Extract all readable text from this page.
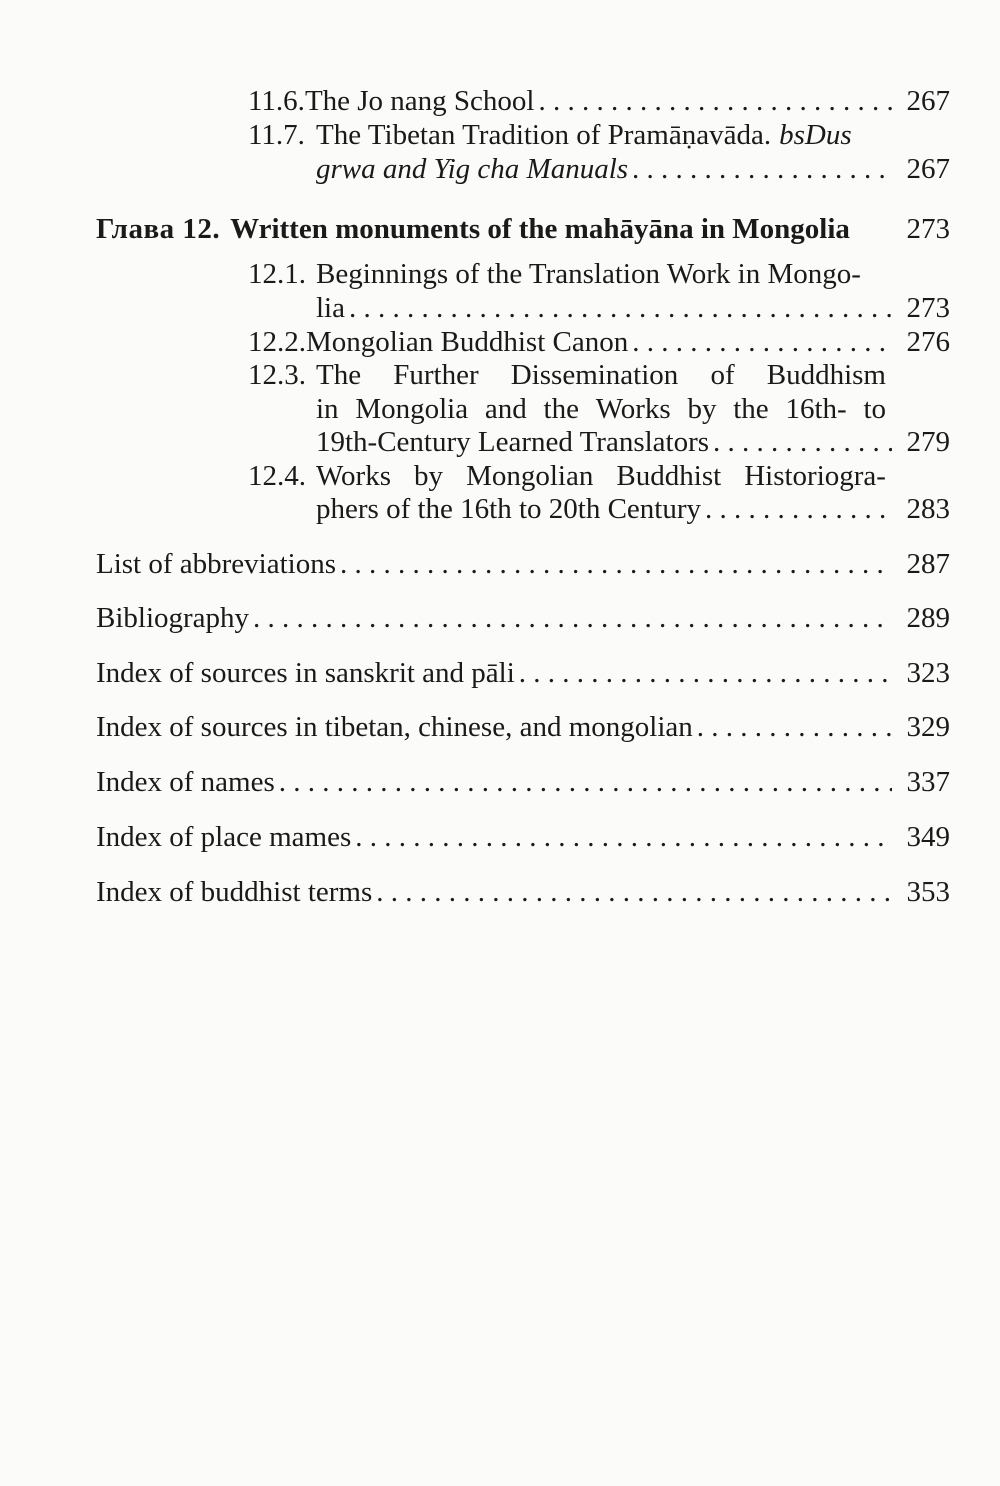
11.6. The Jo nang School . . .	267
11.7. The Tibetan Tradition of Pramāṇavāda. bsDus
grwa and Yig cha Manuals . . .	267
Глава 12. Written monuments of the mahāyāna in Mongolia 273
12.1. Beginnings of the Translation Work in Mongo-
lia . . .	273
12.2. Mongolian Buddhist Canon . . .	276
12.3. The Further Dissemination of Buddhism
in Mongolia and the Works by the 16th- to
19th-Century Learned Translators . . .	279
12.4. Works by Mongolian Buddhist Historiogra-
phers of the 16th to 20th Century . . .	283
List of abbreviations . . .	287
Bibliography . . .	289
Index of sources in sanskrit and pāli . . .	323
Index of sources in tibetan, chinese, and mongolian . . .	329
Index of names . . .	337
Index of place mames . . .	349
Index of buddhist terms . . .	353
